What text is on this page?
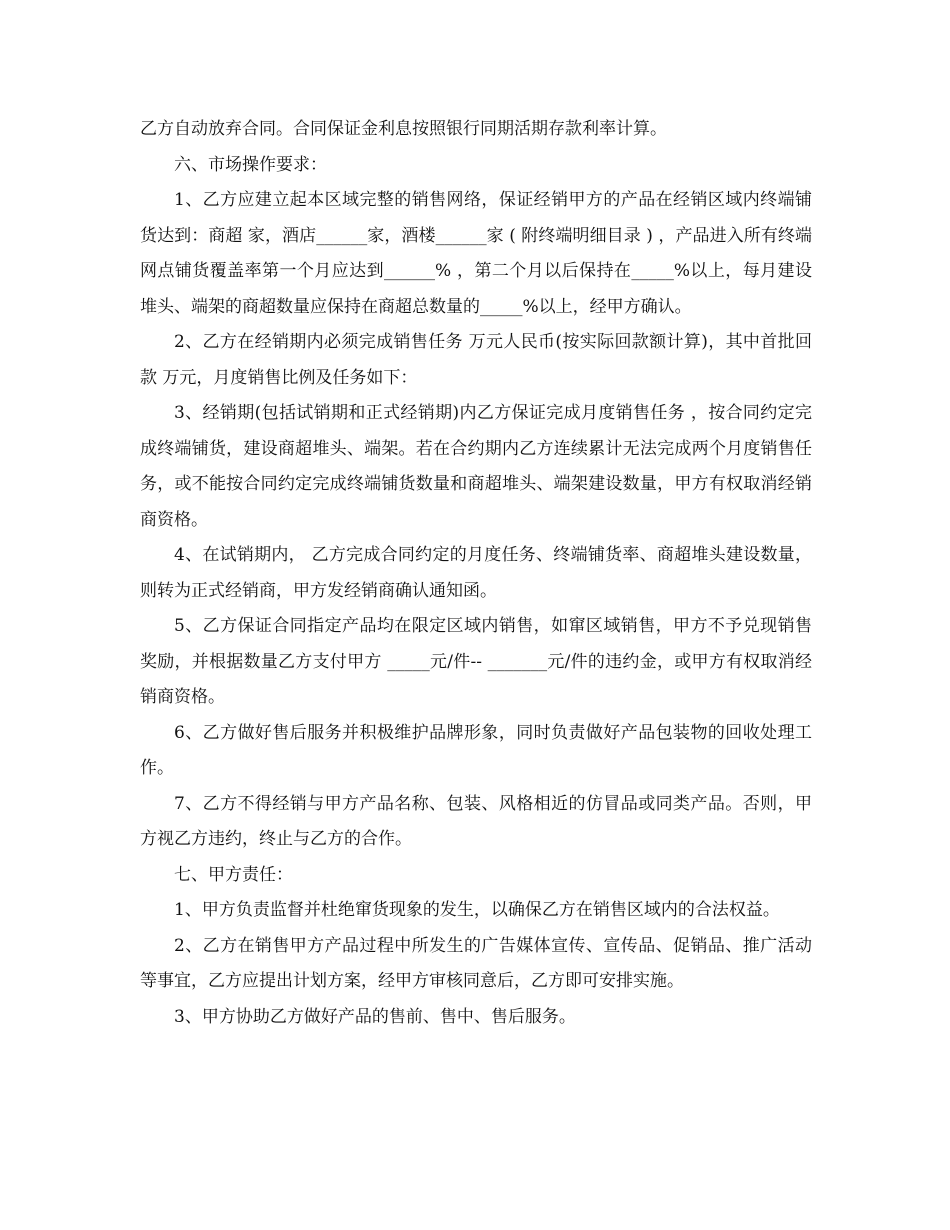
乙方自动放弃合同。合同保证金利息按照银行同期活期存款利率计算。

六、市场操作要求：

1、乙方应建立起本区域完整的销售网络，保证经销甲方的产品在经销区域内终端铺货达到：商超 家，酒店______家，酒楼______家 ( 附终端明细目录 ) ，产品进入所有终端网点铺货覆盖率第一个月应达到______% ，第二个月以后保持在_____%以上，每月建设堆头、端架的商超数量应保持在商超总数量的_____%以上，经甲方确认。

2、乙方在经销期内必须完成销售任务 万元人民币(按实际回款额计算)，其中首批回款 万元，月度销售比例及任务如下：

3、经销期(包括试销期和正式经销期)内乙方保证完成月度销售任务 ，按合同约定完成终端铺货，建设商超堆头、端架。若在合约期内乙方连续累计无法完成两个月度销售任务，或不能按合同约定完成终端铺货数量和商超堆头、端架建设数量，甲方有权取消经销商资格。

4、在试销期内， 乙方完成合同约定的月度任务、终端铺货率、商超堆头建设数量，则转为正式经销商，甲方发经销商确认通知函。

5、乙方保证合同指定产品均在限定区域内销售，如窜区域销售，甲方不予兑现销售奖励，并根据数量乙方支付甲方 _____元/件-- _______元/件的违约金，或甲方有权取消经销商资格。

6、乙方做好售后服务并积极维护品牌形象，同时负责做好产品包装物的回收处理工作。

7、乙方不得经销与甲方产品名称、包装、风格相近的仿冒品或同类产品。否则，甲方视乙方违约，终止与乙方的合作。

七、甲方责任：

1、甲方负责监督并杜绝窜货现象的发生，以确保乙方在销售区域内的合法权益。

2、乙方在销售甲方产品过程中所发生的广告媒体宣传、宣传品、促销品、推广活动等事宜，乙方应提出计划方案，经甲方审核同意后，乙方即可安排实施。

3、甲方协助乙方做好产品的售前、售中、售后服务。
